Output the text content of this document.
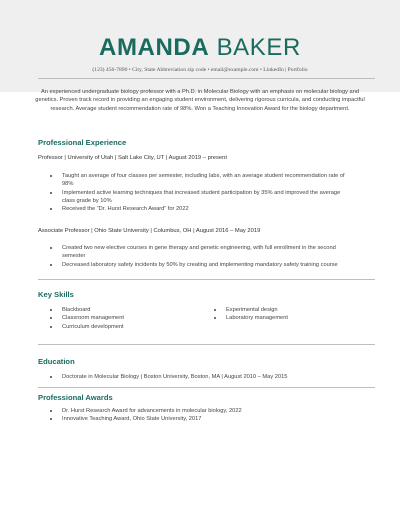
AMANDA BAKER
(123) 456-7890 • City, State Abbreviation zip code • email@example.com • LinkedIn | Portfolio
An experienced undergraduate biology professor with a Ph.D. in Molecular Biology with an emphasis on molecular biology and genetics. Proven track record in providing an engaging student environment, delivering rigorous curricula, and conducting impactful research. Average student recommendation rate of 98%. Won a Teaching Innovation Award for the biology department.
Professional Experience
Professor | University of Utah | Salt Lake City, UT | August 2019 – present
Taught an average of four classes per semester, including labs, with an average student recommendation rate of 98%
Implemented active learning techniques that increased student participation by 35% and improved the average class grade by 10%
Received the “Dr. Hurst Research Award” for 2022
Associate Professor | Ohio State University | Columbus, OH | August 2016 – May 2019
Created two new elective courses in gene therapy and genetic engineering, with full enrollment in the second semester
Decreased laboratory safety incidents by 50% by creating and implementing mandatory safety training course
Key Skills
Blackboard
Classroom management
Curriculum development
Experimental design
Laboratory management
Education
Doctorate in Molecular Biology | Boston University, Boston, MA | August 2010 – May 2015
Professional Awards
Dr. Hurst Research Award for advancements in molecular biology, 2022
Innovative Teaching Award, Ohio State University, 2017
